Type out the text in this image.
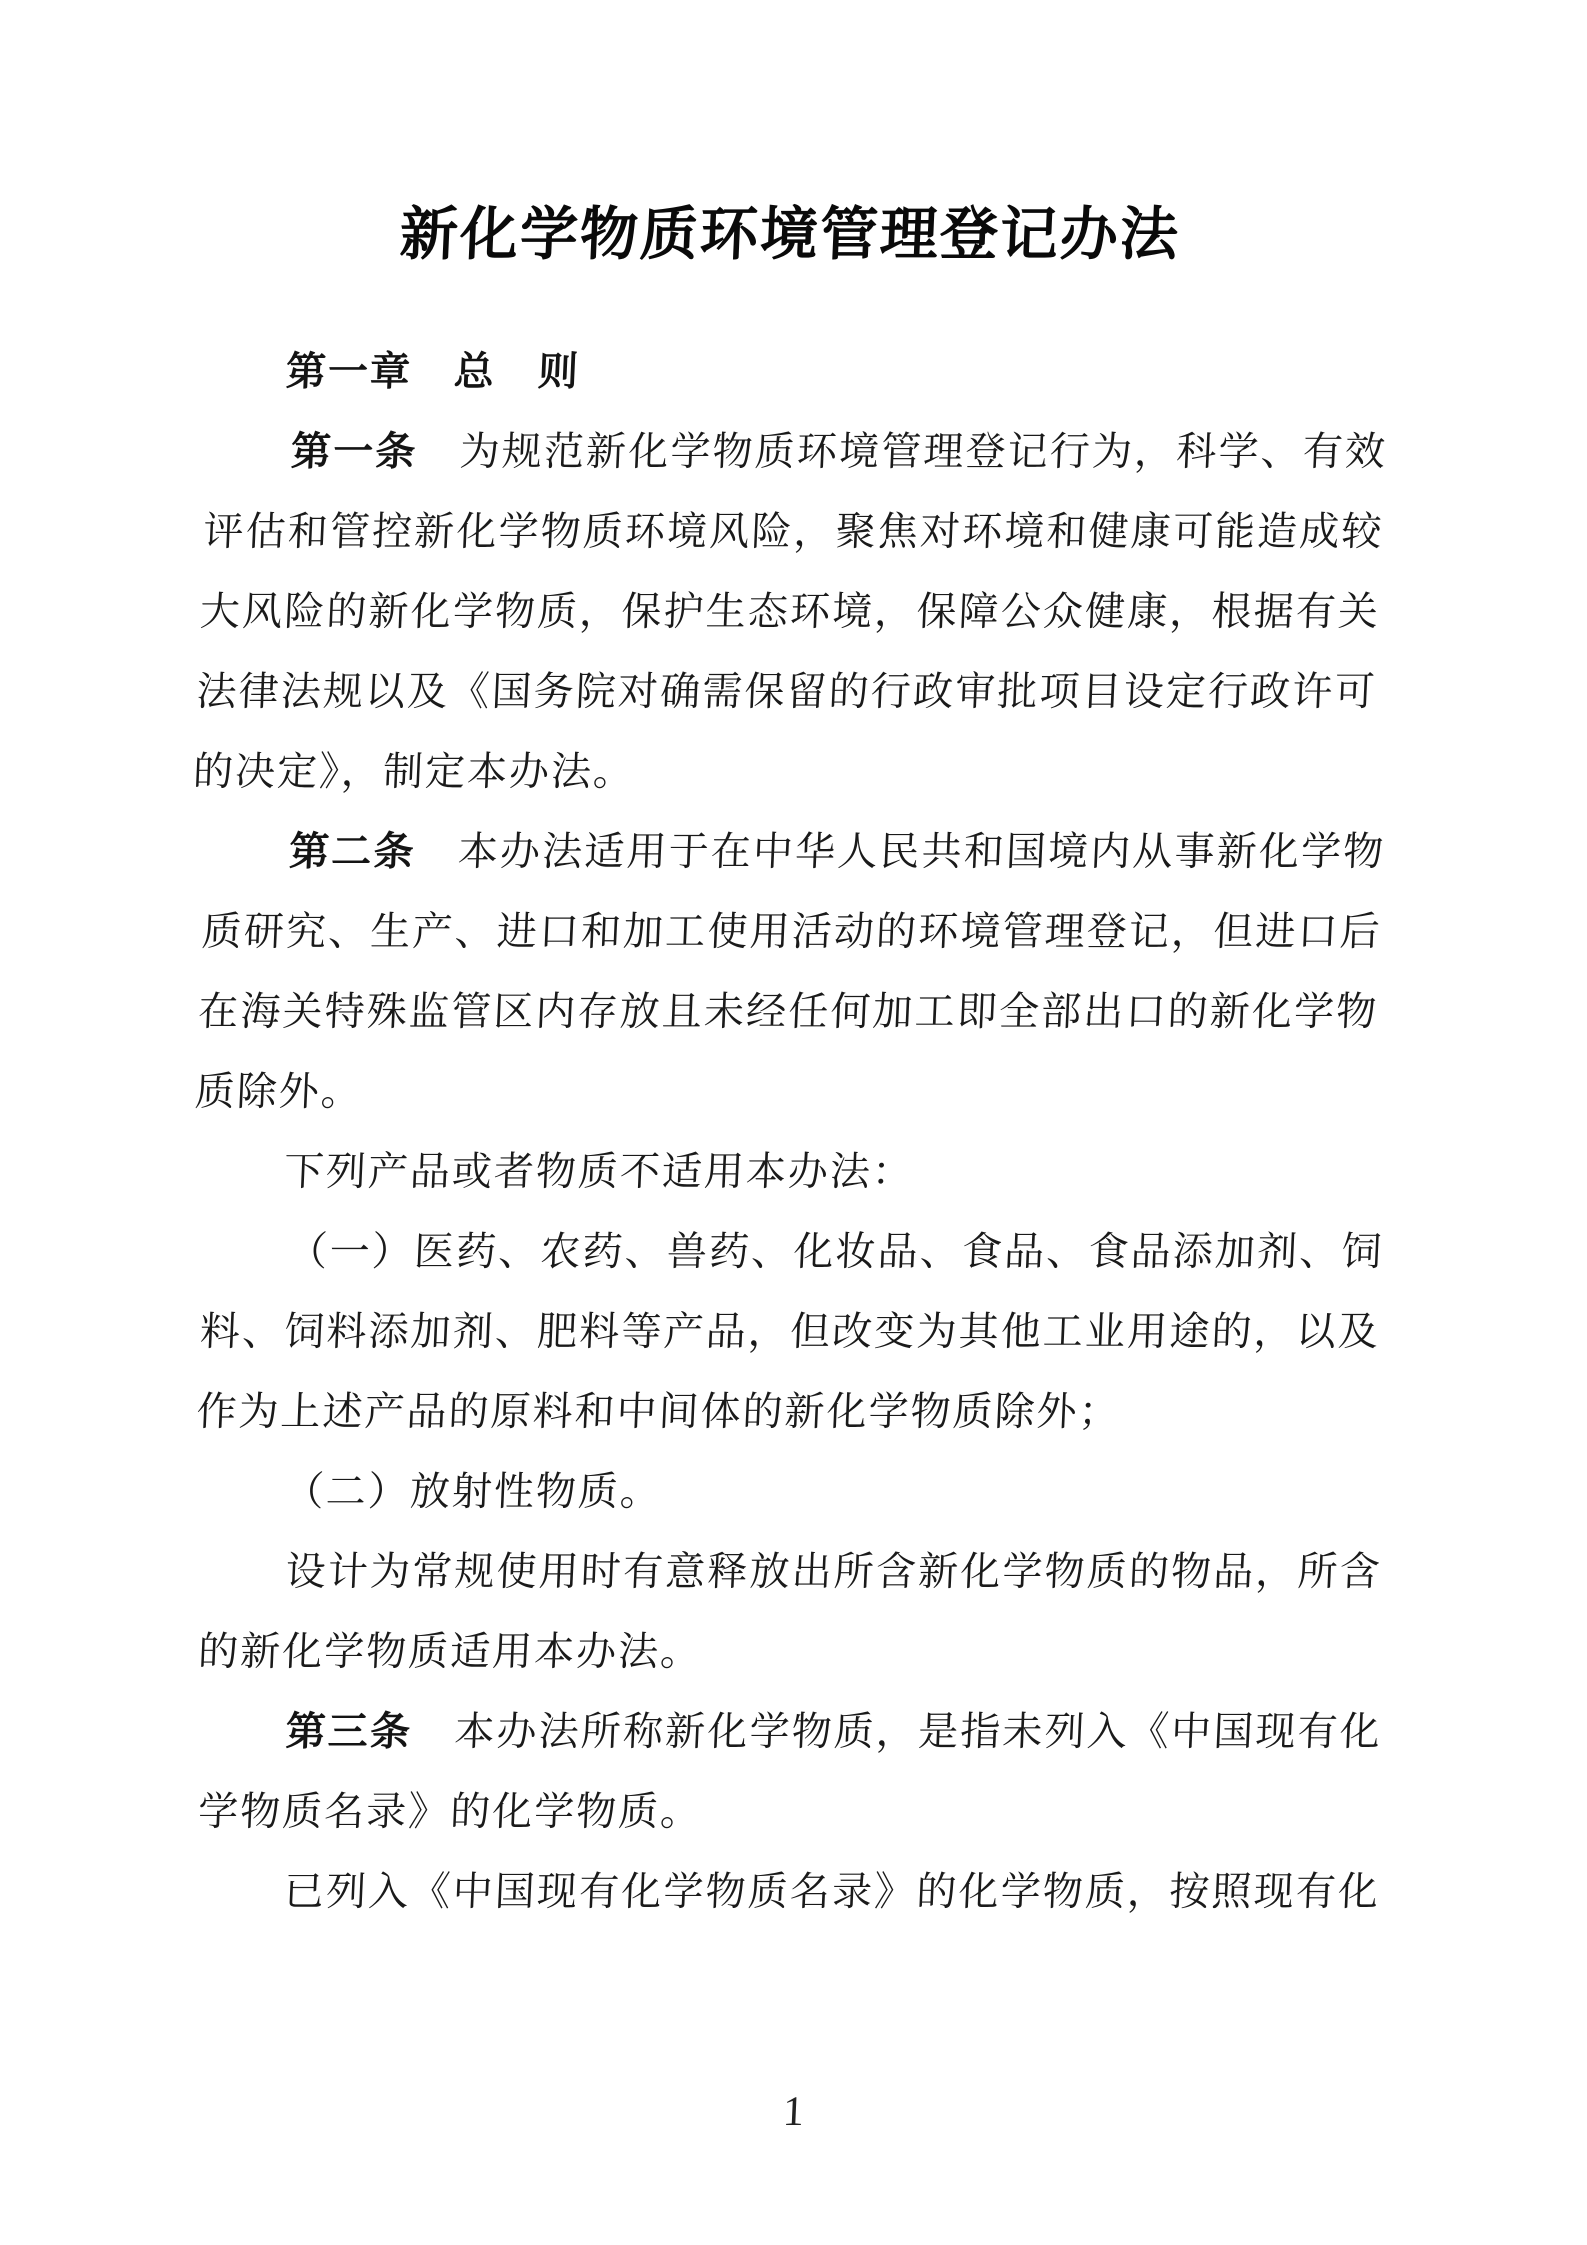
新化学物质环境管理登记办法
第一章　总　则

第一条　为规范新化学物质环境管理登记行为，科学、有效评估和管控新化学物质环境风险，聚焦对环境和健康可能造成较大风险的新化学物质，保护生态环境，保障公众健康，根据有关法律法规以及《国务院对确需保留的行政审批项目设定行政许可的决定》，制定本办法。

第二条　本办法适用于在中华人民共和国境内从事新化学物质研究、生产、进口和加工使用活动的环境管理登记，但进口后在海关特殊监管区内存放且未经任何加工即全部出口的新化学物质除外。

下列产品或者物质不适用本办法：

（一）医药、农药、兽药、化妆品、食品、食品添加剂、饲料、饲料添加剂、肥料等产品，但改变为其他工业用途的，以及作为上述产品的原料和中间体的新化学物质除外；

（二）放射性物质。

设计为常规使用时有意释放出所含新化学物质的物品，所含的新化学物质适用本办法。

第三条　本办法所称新化学物质，是指未列入《中国现有化学物质名录》的化学物质。

已列入《中国现有化学物质名录》的化学物质，按照现有化

1
